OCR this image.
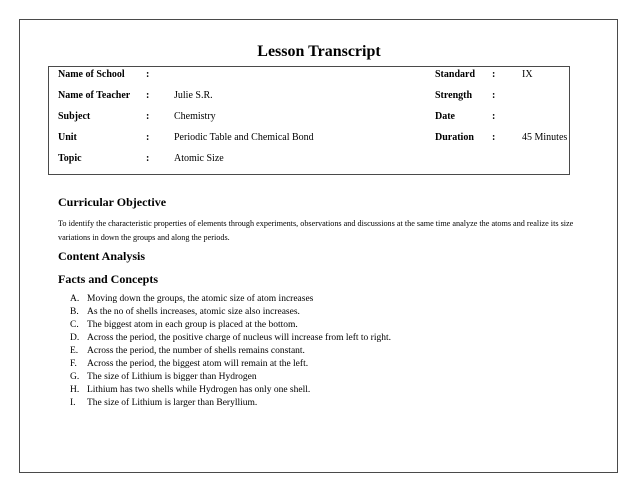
Lesson Transcript
Name of School :	Standard :	IX
Name of Teacher : Julie S.R.	Strength :
Subject	: Chemistry	Date	:
Unit	: Periodic Table and Chemical Bond	Duration :	45 Minutes
Topic	: Atomic Size
Curricular Objective
To identify the characteristic properties of elements through experiments, observations and discussions at the same time analyze the atoms and realize its size variations in down the groups and along the periods.
Content Analysis
Facts and Concepts
A. Moving down the groups, the atomic size of atom increases
B. As the no of shells increases, atomic size also increases.
C. The biggest atom in each group is placed at the bottom.
D. Across the period, the positive charge of nucleus will increase from left to right.
E. Across the period, the number of shells remains constant.
F. Across the period, the biggest atom will remain at the left.
G. The size of Lithium is bigger than Hydrogen
H. Lithium has two shells while Hydrogen has only one shell.
I. The size of Lithium is larger than Beryllium.
